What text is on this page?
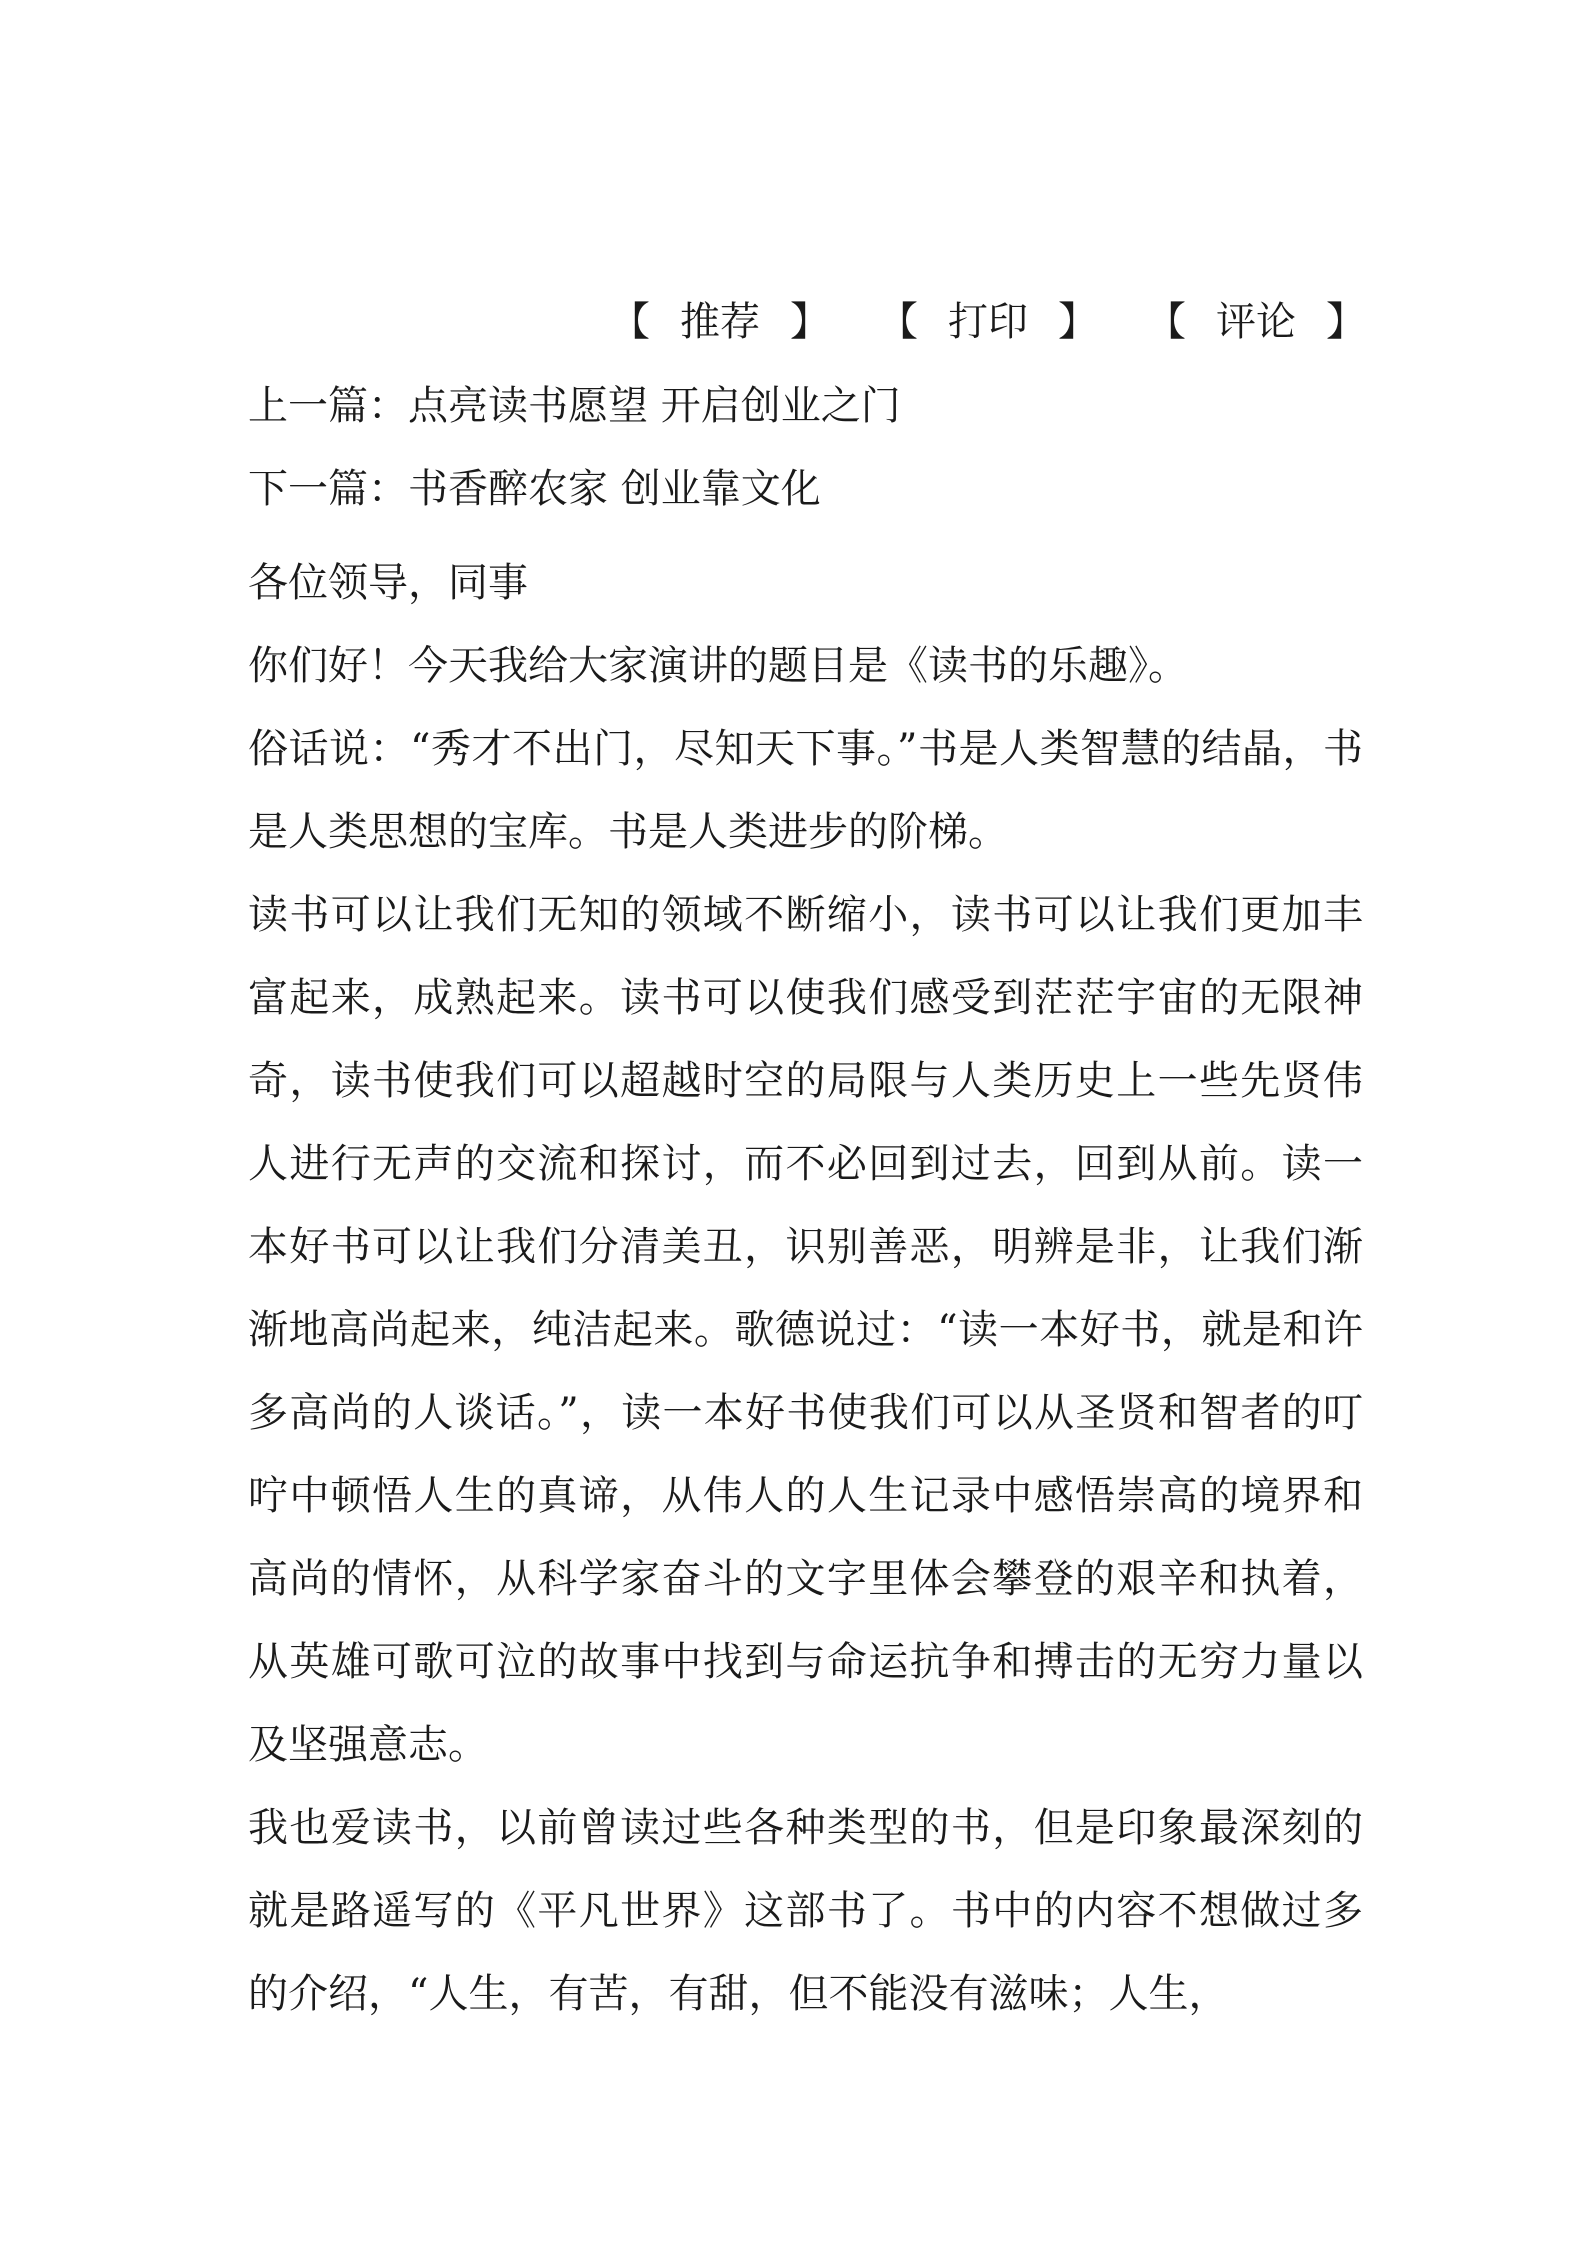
【 推荐 】 【 打印 】 【 评论 】
上一篇：点亮读书愿望 开启创业之门
下一篇：书香醉农家 创业靠文化

各位领导，同事

你们好！今天我给大家演讲的题目是《读书的乐趣》。

俗话说：“秀才不出门，尽知天下事。”书是人类智慧的结晶，书是人类思想的宝库。书是人类进步的阶梯。

读书可以让我们无知的领域不断缩小，读书可以让我们更加丰富起来，成熟起来。读书可以使我们感受到茫茫宇宙的无限神奇，读书使我们可以超越时空的局限与人类历史上一些先贤伟人进行无声的交流和探讨，而不必回到过去，回到从前。读一本好书可以让我们分清美丑，识别善恶，明辨是非，让我们渐渐地高尚起来，纯洁起来。歌德说过：“读一本好书，就是和许多高尚的人谈话。”，读一本好书使我们可以从圣贤和智者的叮咛中顿悟人生的真谛，从伟人的人生记录中感悟崇高的境界和高尚的情怀，从科学家奋斗的文字里体会攀登的艰辛和执着，从英雄可歌可泣的故事中找到与命运抗争和搏击的无穷力量以及坚强意志。

我也爱读书，以前曾读过些各种类型的书，但是印象最深刻的就是路遥写的《平凡世界》这部书了。书中的内容不想做过多的介绍，“人生，有苦，有甜，但不能没有滋味；人生，
